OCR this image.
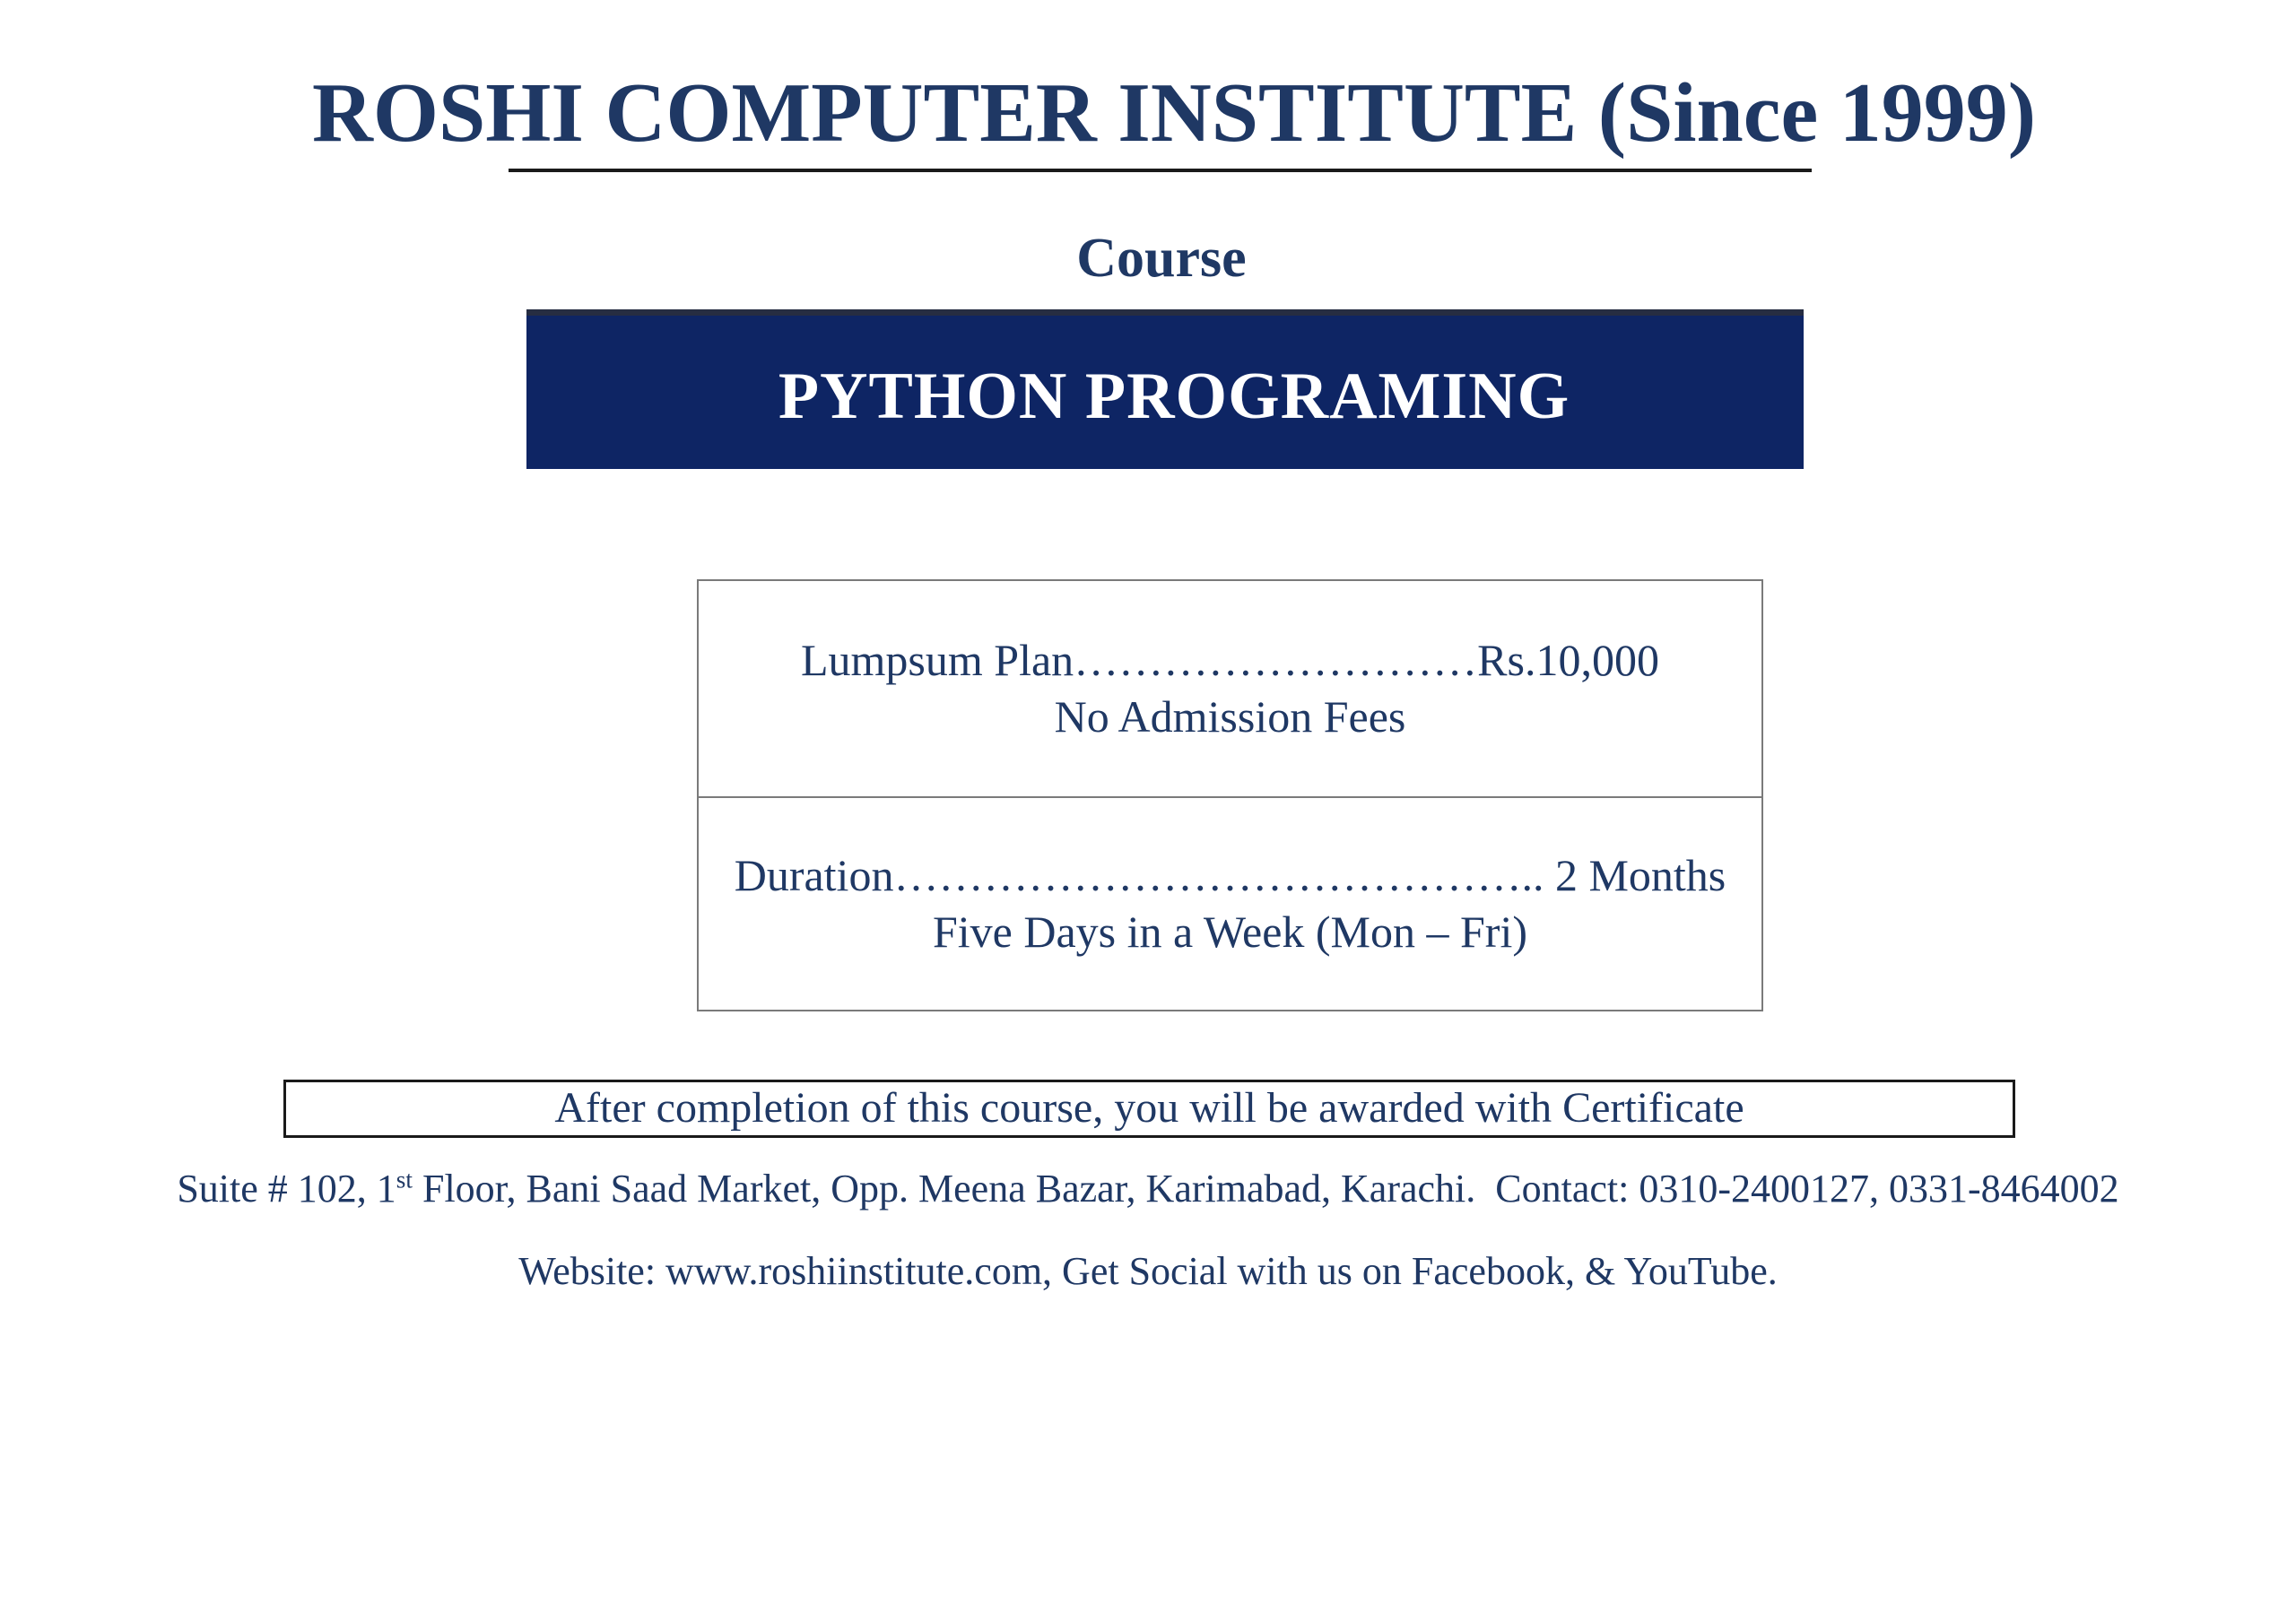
ROSHI COMPUTER INSTITUTE (Since 1999)
Course
PYTHON PROGRAMING
Lumpsum Plan………………………Rs.10,000
No Admission Fees
Duration…………………………………….. 2 Months
Five Days in a Week (Mon – Fri)
After completion of this course, you will be awarded with Certificate
Suite # 102, 1st Floor, Bani Saad Market, Opp. Meena Bazar, Karimabad, Karachi.  Contact: 0310-2400127, 0331-8464002
Website: www.roshiinstitute.com, Get Social with us on Facebook, & YouTube.
